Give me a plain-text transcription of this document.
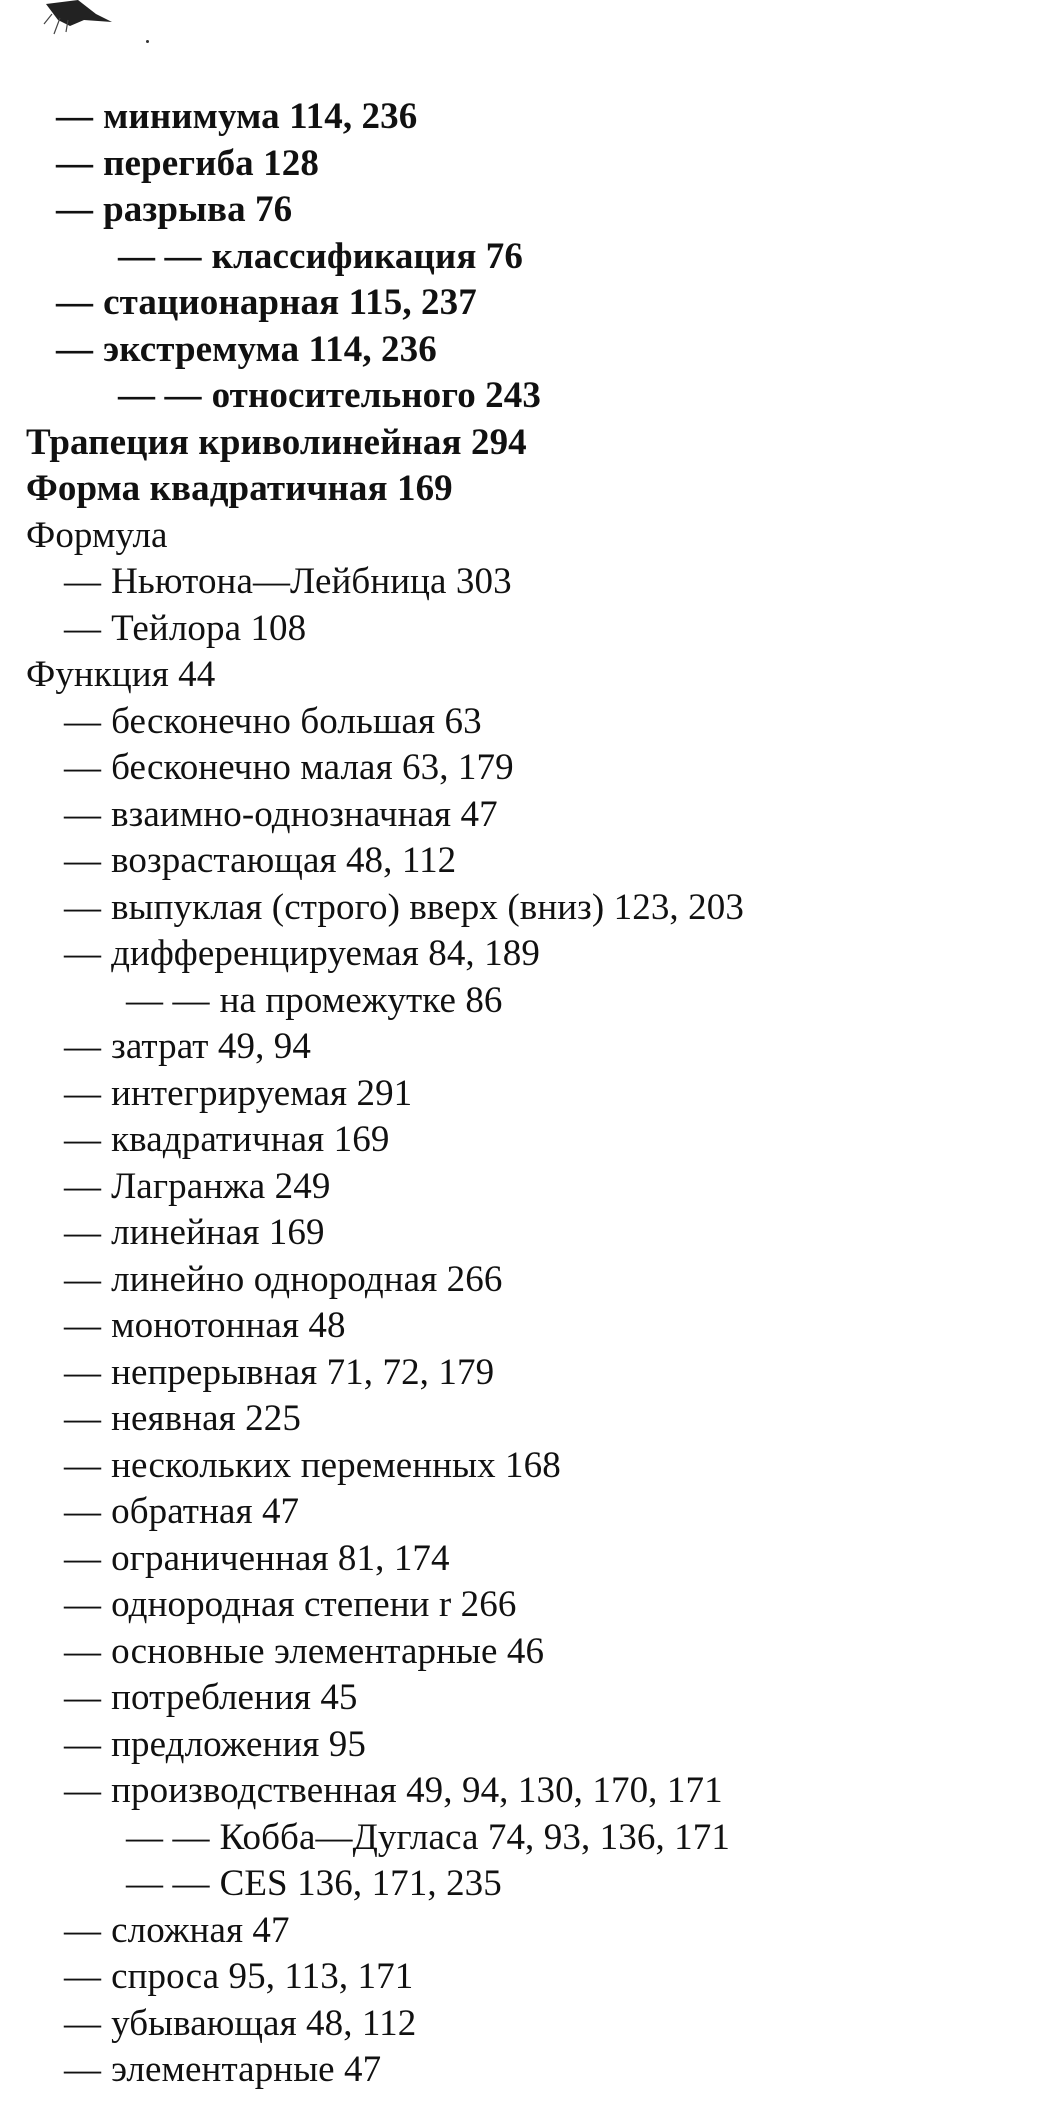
— минимума 114, 236
— перегиба 128
— разрыва 76
— — классификация 76
— стационарная 115, 237
— экстремума 114, 236
— — относительного 243
Трапеция криволинейная 294
Форма квадратичная 169
Формула
— Ньютона—Лейбница 303
— Тейлора 108
Функция 44
— бесконечно большая 63
— бесконечно малая 63, 179
— взаимно-однозначная 47
— возрастающая 48, 112
— выпуклая (строго) вверх (вниз) 123, 203
— дифференцируемая 84, 189
— — на промежутке 86
— затрат 49, 94
— интегрируемая 291
— квадратичная 169
— Лагранжа 249
— линейная 169
— линейно однородная 266
— монотонная 48
— непрерывная 71, 72, 179
— неявная 225
— нескольких переменных 168
— обратная 47
— ограниченная 81, 174
— однородная степени r 266
— основные элементарные 46
— потребления 45
— предложения 95
— производственная 49, 94, 130, 170, 171
— — Кобба—Дугласа 74, 93, 136, 171
— — CES 136, 171, 235
— сложная 47
— спроса 95, 113, 171
— убывающая 48, 112
— элементарные 47
